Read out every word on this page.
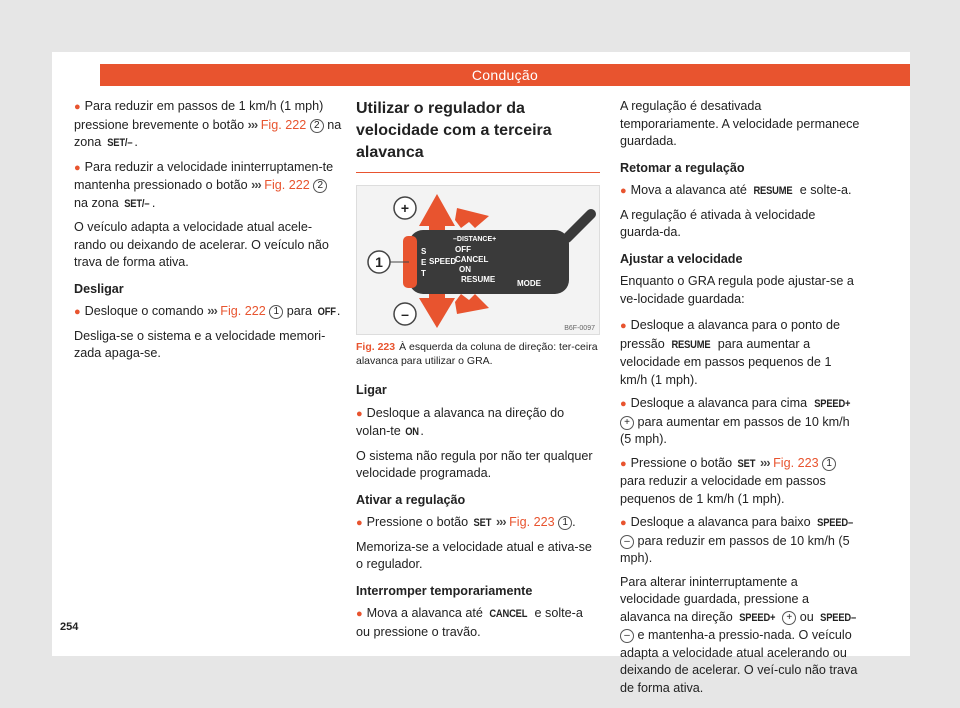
Condução

● Para reduzir em passos de 1 km/h (1 mph) pressione brevemente o botão ››› Fig. 222 2 na zona SET/– .

● Para reduzir a velocidade ininterruptamen-te mantenha pressionado o botão ››› Fig. 222 2 na zona SET/– .

O veículo adapta a velocidade atual acele-rando ou deixando de acelerar. O veículo não trava de forma ativa.

Desligar

● Desloque o comando ››› Fig. 222 1 para OFF .

Desliga-se o sistema e a velocidade memori-zada apaga-se.

Utilizar o regulador da velocidade com a terceira alavanca
+
1
–
–DISTANCE+
S
E
T
OFF
CANCEL
ON
SPEED
RESUME	MODE
B6F-0097

Fig. 223 À esquerda da coluna de direção: ter-ceira alavanca para utilizar o GRA.

Ligar

● Desloque a alavanca na direção do volan-te ON.

O sistema não regula por não ter qualquer velocidade programada.

Ativar a regulação

● Pressione o botão SET ››› Fig. 223 1 .

Memoriza-se a velocidade atual e ativa-se o regulador.

Interromper temporariamente

● Mova a alavanca até CANCEL e solte-a ou pressione o travão.

A regulação é desativada temporariamente. A velocidade permanece guardada.

Retomar a regulação

● Mova a alavanca até RESUME e solte-a.

A regulação é ativada à velocidade guarda-da.

Ajustar a velocidade

Enquanto o GRA regula pode ajustar-se a ve-locidade guardada:

● Desloque a alavanca para o ponto de pressão RESUME para aumentar a velocidade em passos pequenos de 1 km/h (1 mph).

● Desloque a alavanca para cima SPEED+ + para aumentar em passos de 10 km/h (5 mph).

● Pressione o botão SET ››› Fig. 223 1 para reduzir a velocidade em passos pequenos de 1 km/h (1 mph).

● Desloque a alavanca para baixo SPEED– – para reduzir em passos de 10 km/h (5 mph).

Para alterar ininterruptamente a velocidade guardada, pressione a alavanca na direção SPEED+ + ou SPEED– – e mantenha-a pressio-nada. O veículo adapta a velocidade atual acelerando ou deixando de acelerar. O veí-culo não trava de forma ativa.

254
